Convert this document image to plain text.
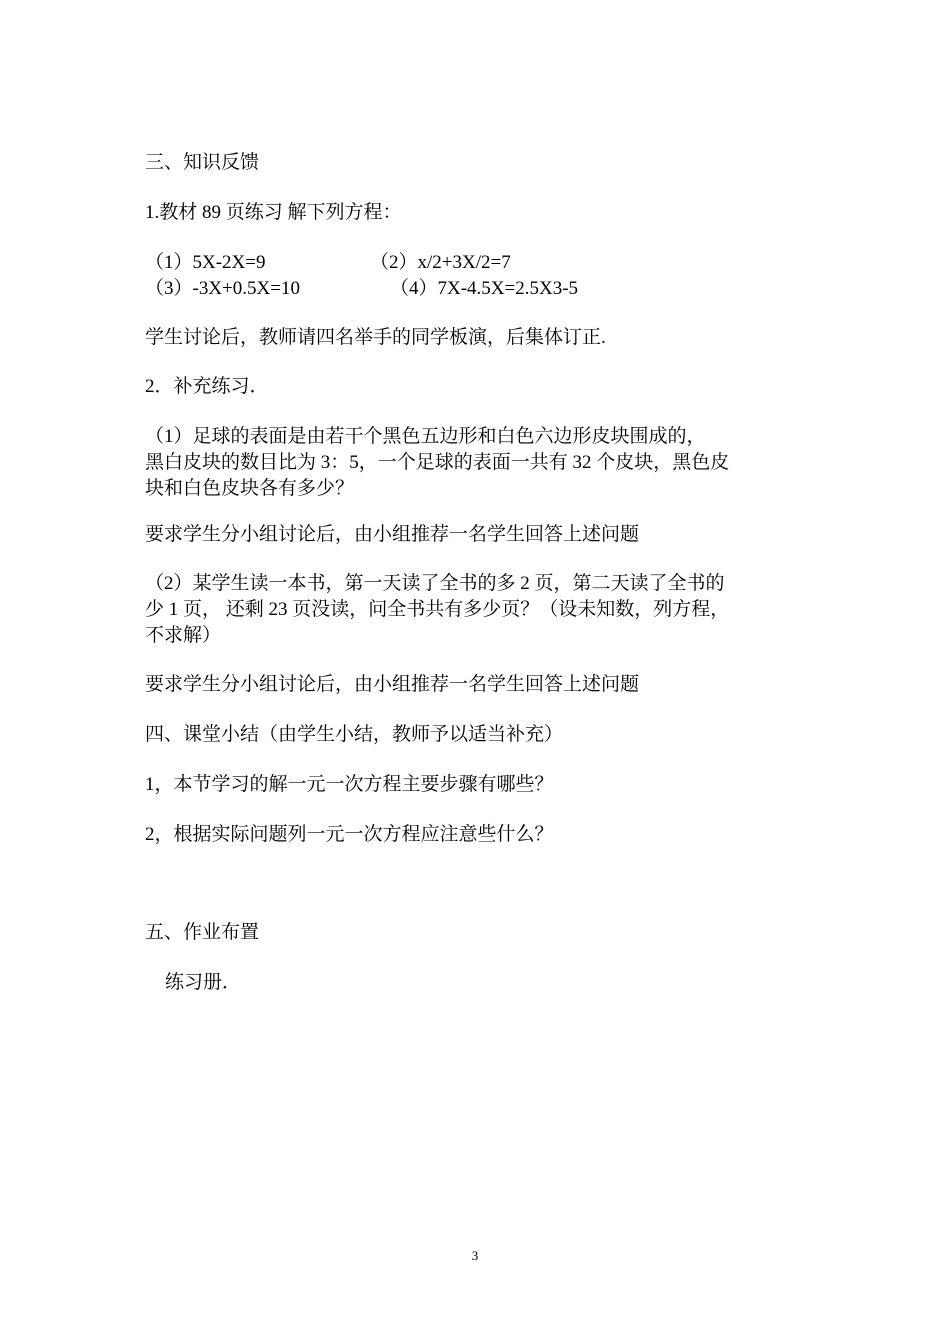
三、知识反馈
1.教材 89 页练习 解下列方程：
（1）5X-2X=9	（2）x/2+3X/2=7
（3）-3X+0.5X=10	（4）7X-4.5X=2.5X3-5
学生讨论后，教师请四名举手的同学板演，后集体订正.
2．补充练习．
（1）足球的表面是由若干个黑色五边形和白色六边形皮块围成的，
黑白皮块的数目比为 3：5，一个足球的表面一共有 32 个皮块，黑色皮
块和白色皮块各有多少？
要求学生分小组讨论后，由小组推荐一名学生回答上述问题
（2）某学生读一本书，第一天读了全书的多 2 页，第二天读了全书的
少 1 页， 还剩 23 页没读，问全书共有多少页？（设未知数，列方程，
不求解）
要求学生分小组讨论后，由小组推荐一名学生回答上述问题
四、课堂小结（由学生小结，教师予以适当补充）
1，本节学习的解一元一次方程主要步骤有哪些？
2，根据实际问题列一元一次方程应注意些什么？
五、作业布置
练习册．
3
